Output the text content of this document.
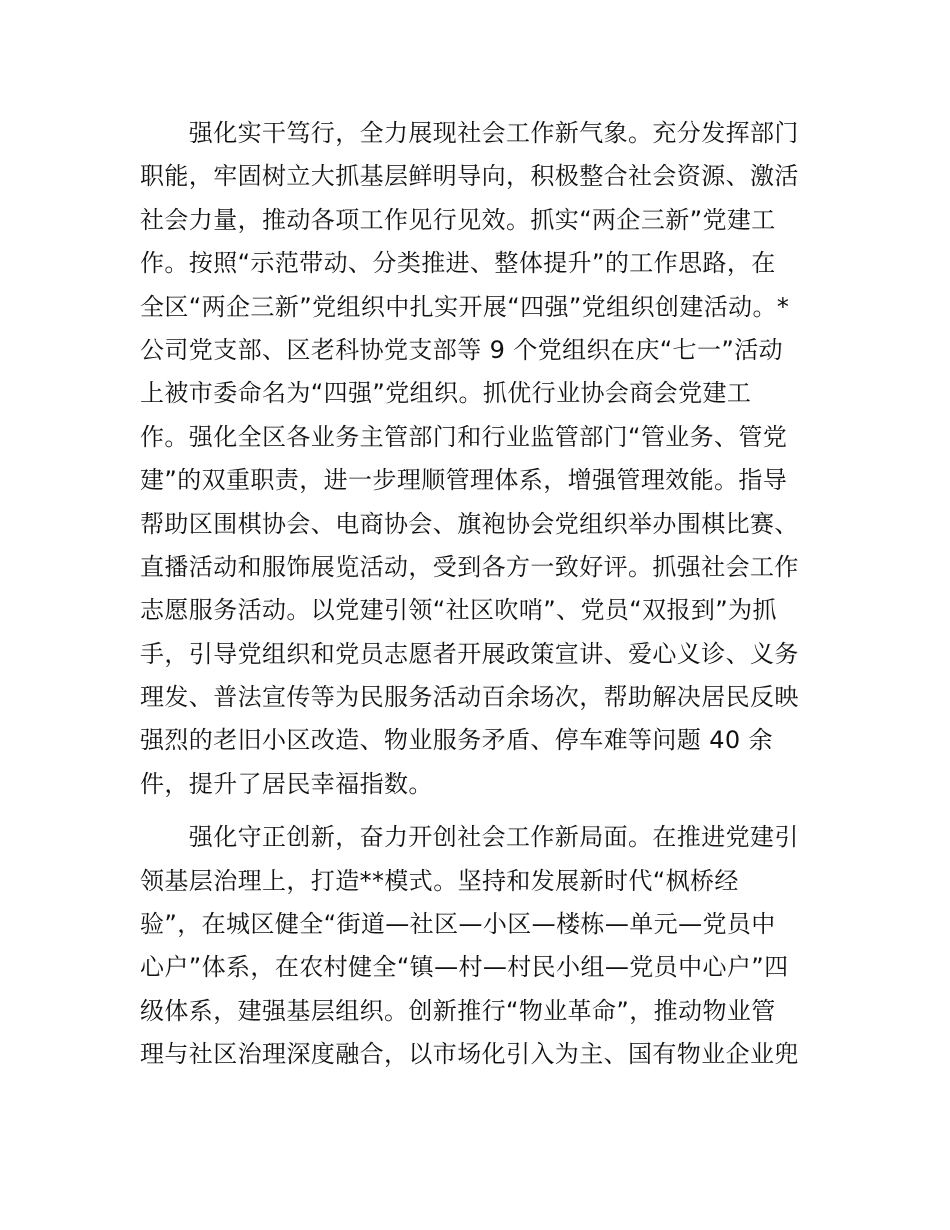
　　强化实干笃行，全力展现社会工作新气象。充分发挥部门
职能，牢固树立大抓基层鲜明导向，积极整合社会资源、激活
社会力量，推动各项工作见行见效。抓实“两企三新”党建工
作。按照“示范带动、分类推进、整体提升”的工作思路，在
全区“两企三新”党组织中扎实开展“四强”党组织创建活动。*
公司党支部、区老科协党支部等 9 个党组织在庆“七一”活动
上被市委命名为“四强”党组织。抓优行业协会商会党建工
作。强化全区各业务主管部门和行业监管部门“管业务、管党
建”的双重职责，进一步理顺管理体系，增强管理效能。指导
帮助区围棋协会、电商协会、旗袍协会党组织举办围棋比赛、
直播活动和服饰展览活动，受到各方一致好评。抓强社会工作
志愿服务活动。以党建引领“社区吹哨”、党员“双报到”为抓
手，引导党组织和党员志愿者开展政策宣讲、爱心义诊、义务
理发、普法宣传等为民服务活动百余场次，帮助解决居民反映
强烈的老旧小区改造、物业服务矛盾、停车难等问题 40 余
件，提升了居民幸福指数。
　　强化守正创新，奋力开创社会工作新局面。在推进党建引
领基层治理上，打造**模式。坚持和发展新时代“枫桥经
验”，在城区健全“街道—社区—小区—楼栋—单元—党员中
心户”体系，在农村健全“镇—村—村民小组—党员中心户”四
级体系，建强基层组织。创新推行“物业革命”，推动物业管
理与社区治理深度融合，以市场化引入为主、国有物业企业兜
